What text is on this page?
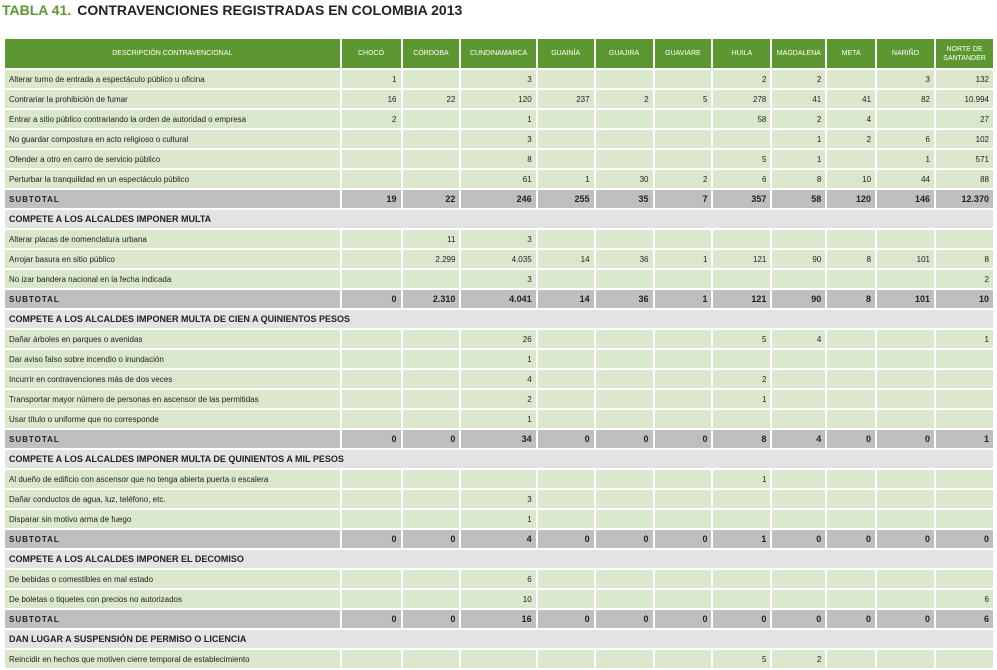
TABLA 41. CONTRAVENCIONES REGISTRADAS EN COLOMBIA 2013
DESCRIPCIÓN CONTRAVENCIONAL	CHOCÓ	CÓRDOBA	CUNDINAMARCA	GUAINÍA	GUAJIRA	GUAVIARE	HUILA	MAGDALENA	META	NARIÑO	NORTE DE SANTANDER
Alterar turno de entrada a espectáculo público u oficina	1		3				2	2		3	132
Contrariar la prohibición de fumar	16	22	120	237	2	5	278	41	41	82	10.994
Entrar a sitio público contrariando la orden de autoridad o empresa	2		1				58	2	4		27
No guardar compostura en acto religioso o cultural			3					1	2	6	102
Ofender a otro en carro de servicio público			8				5	1		1	571
Perturbar la tranquilidad en un espectáculo público			61	1	30	2	6	8	10	44	88
SUBTOTAL	19	22	246	255	35	7	357	58	120	146	12.370
COMPETE A LOS ALCALDES IMPONER MULTA											
Alterar placas de nomenclatura urbana		11	3								
Arrojar basura en sitio público		2.299	4.035	14	36	1	121	90	8	101	8
No izar bandera nacional en la fecha indicada			3								2
SUBTOTAL	0	2.310	4.041	14	36	1	121	90	8	101	10
COMPETE A LOS ALCALDES IMPONER MULTA DE CIEN A QUINIENTOS PESOS											
Dañar árboles en parques o avenidas			26				5	4			1
Dar aviso falso sobre incendio o inundación			1								
Incurrir en contravenciones más de dos veces			4				2				
Transportar mayor número de personas en ascensor de las permitidas			2				1				
Usar título o uniforme que no corresponde			1								
SUBTOTAL	0	0	34	0	0	0	8	4	0	0	1
COMPETE A LOS ALCALDES IMPONER MULTA DE QUINIENTOS A MIL PESOS											
Al dueño de edificio con ascensor que no tenga abierta puerta o escalera							1				
Dañar conductos de agua, luz, teléfono, etc.			3								
Disparar sin motivo arma de fuego			1								
SUBTOTAL	0	0	4	0	0	0	1	0	0	0	0
COMPETE A LOS ALCALDES IMPONER EL DECOMISO											
De bebidas o comestibles en mal estado			6								
De boletas o tiquetes con precios no autorizados			10								6
SUBTOTAL	0	0	16	0	0	0	0	0	0	0	6
DAN LUGAR A SUSPENSIÓN DE PERMISO O LICENCIA											
Reincidir en hechos que motiven cierre temporal de establecimiento							5	2			
